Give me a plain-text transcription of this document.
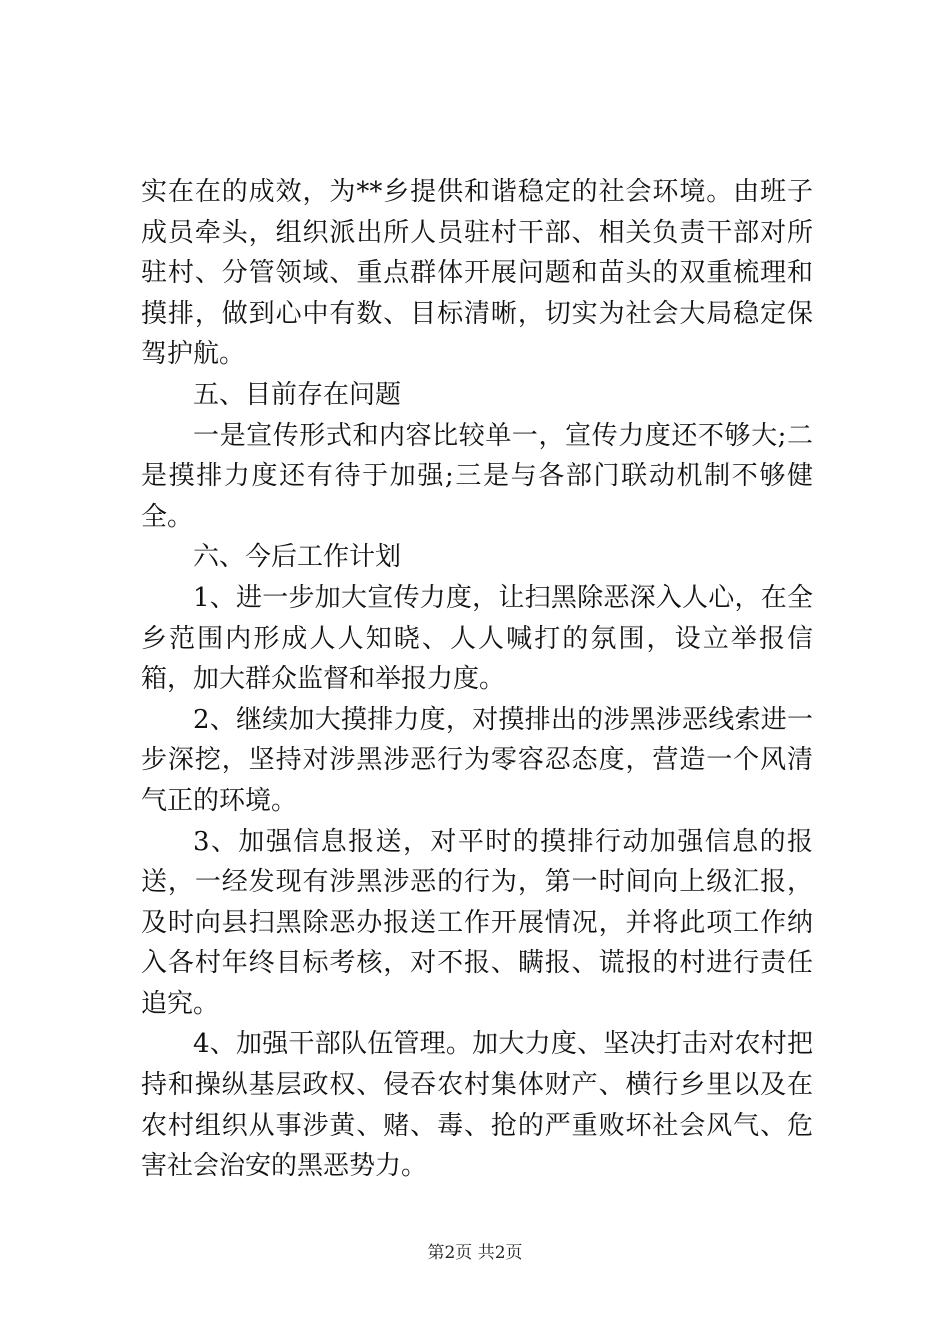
实在在的成效，为**乡提供和谐稳定的社会环境。由班子成员牵头，组织派出所人员驻村干部、相关负责干部对所驻村、分管领域、重点群体开展问题和苗头的双重梳理和摸排，做到心中有数、目标清晰，切实为社会大局稳定保驾护航。

五、目前存在问题

一是宣传形式和内容比较单一，宣传力度还不够大;二是摸排力度还有待于加强;三是与各部门联动机制不够健全。

六、今后工作计划

1、进一步加大宣传力度，让扫黑除恶深入人心，在全乡范围内形成人人知晓、人人喊打的氛围，设立举报信箱，加大群众监督和举报力度。

2、继续加大摸排力度，对摸排出的涉黑涉恶线索进一步深挖，坚持对涉黑涉恶行为零容忍态度，营造一个风清气正的环境。

3、加强信息报送，对平时的摸排行动加强信息的报送，一经发现有涉黑涉恶的行为，第一时间向上级汇报，及时向县扫黑除恶办报送工作开展情况，并将此项工作纳入各村年终目标考核，对不报、瞒报、谎报的村进行责任追究。

4、加强干部队伍管理。加大力度、坚决打击对农村把持和操纵基层政权、侵吞农村集体财产、横行乡里以及在农村组织从事涉黄、赌、毒、抢的严重败坏社会风气、危害社会治安的黑恶势力。

第2页 共2页
